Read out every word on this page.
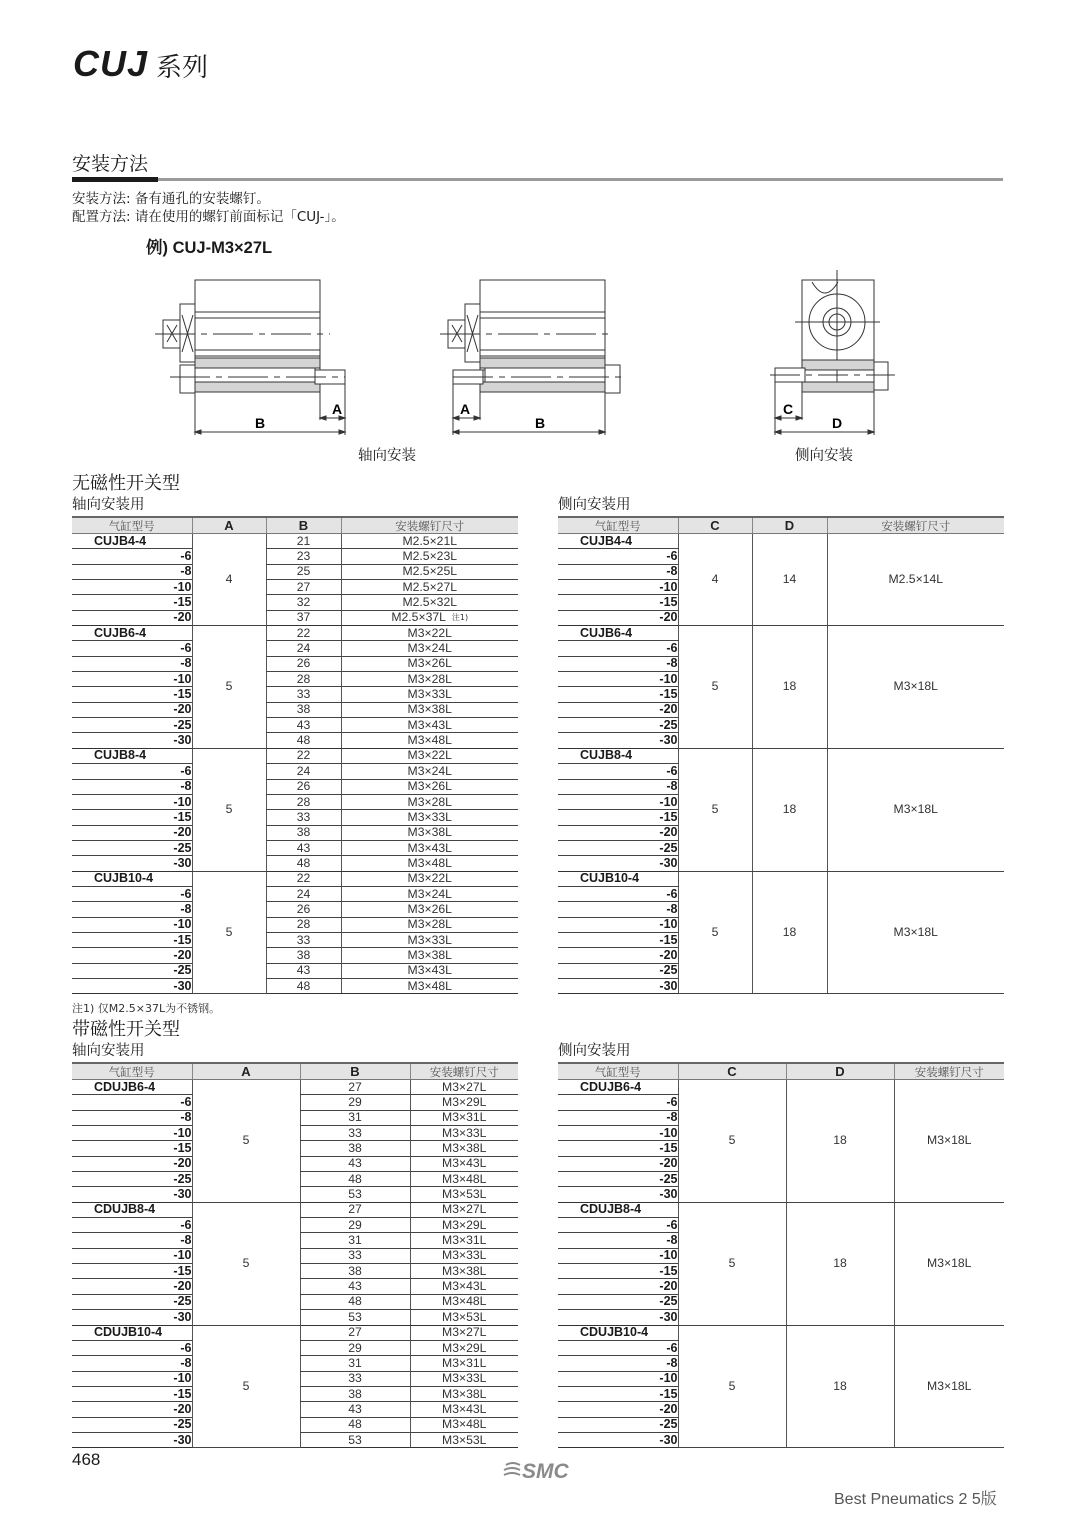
CUJ 系列
安装方法
安装方法: 备有通孔的安装螺钉。
配置方法: 请在使用的螺钉前面标记「CUJ-」。
例) CUJ-M3×27L
A
B
A
B
C
D
轴向安装	侧向安装
无磁性开关型
轴向安装用	侧向安装用
气缸型号	A	B	安装螺钉尺寸
CUJB4-4	4	21	M2.5×21L
-6		23	M2.5×23L
-8		25	M2.5×25L
-10		27	M2.5×27L
-15		32	M2.5×32L
-20		37	M2.5×37L $^{注1)}$
CUJB6-4	5	22	M3×22L
-6		24	M3×24L
-8		26	M3×26L
-10		28	M3×28L
-15		33	M3×33L
-20		38	M3×38L
-25		43	M3×43L
-30		48	M3×48L
CUJB8-4	5	22	M3×22L
-6		24	M3×24L
-8		26	M3×26L
-10		28	M3×28L
-15		33	M3×33L
-20		38	M3×38L
-25		43	M3×43L
-30		48	M3×48L
CUJB10-4	5	22	M3×22L
-6		24	M3×24L
-8		26	M3×26L
-10		28	M3×28L
-15		33	M3×33L
-20		38	M3×38L
-25		43	M3×43L
-30		48	M3×48L
气缸型号	C	D	安装螺钉尺寸
CUJB4-4	4	14	M2.5×14L
-6			
-8			
-10			
-15			
-20			
CUJB6-4	5	18	M3×18L
-6			
-8			
-10			
-15			
-20			
-25			
-30			
CUJB8-4	5	18	M3×18L
-6			
-8			
-10			
-15			
-20			
-25			
-30			
CUJB10-4	5	18	M3×18L
-6			
-8			
-10			
-15			
-20			
-25			
-30			
注1) 仅M2.5×37L为不锈钢。
带磁性开关型
轴向安装用	侧向安装用
气缸型号	A	B	安装螺钉尺寸
CDUJB6-4	5	27	M3×27L
-6		29	M3×29L
-8		31	M3×31L
-10		33	M3×33L
-15		38	M3×38L
-20		43	M3×43L
-25		48	M3×48L
-30		53	M3×53L
CDUJB8-4	5	27	M3×27L
-6		29	M3×29L
-8		31	M3×31L
-10		33	M3×33L
-15		38	M3×38L
-20		43	M3×43L
-25		48	M3×48L
-30		53	M3×53L
CDUJB10-4	5	27	M3×27L
-6		29	M3×29L
-8		31	M3×31L
-10		33	M3×33L
-15		38	M3×38L
-20		43	M3×43L
-25		48	M3×48L
-30		53	M3×53L
气缸型号	C	D	安装螺钉尺寸
CDUJB6-4	5	18	M3×18L
-6			
-8			
-10			
-15			
-20			
-25			
-30			
CDUJB8-4	5	18	M3×18L
-6			
-8			
-10			
-15			
-20			
-25			
-30			
CDUJB10-4	5	18	M3×18L
-6			
-8			
-10			
-15			
-20			
-25			
-30			
468
SMC
Best Pneumatics 2 5版
